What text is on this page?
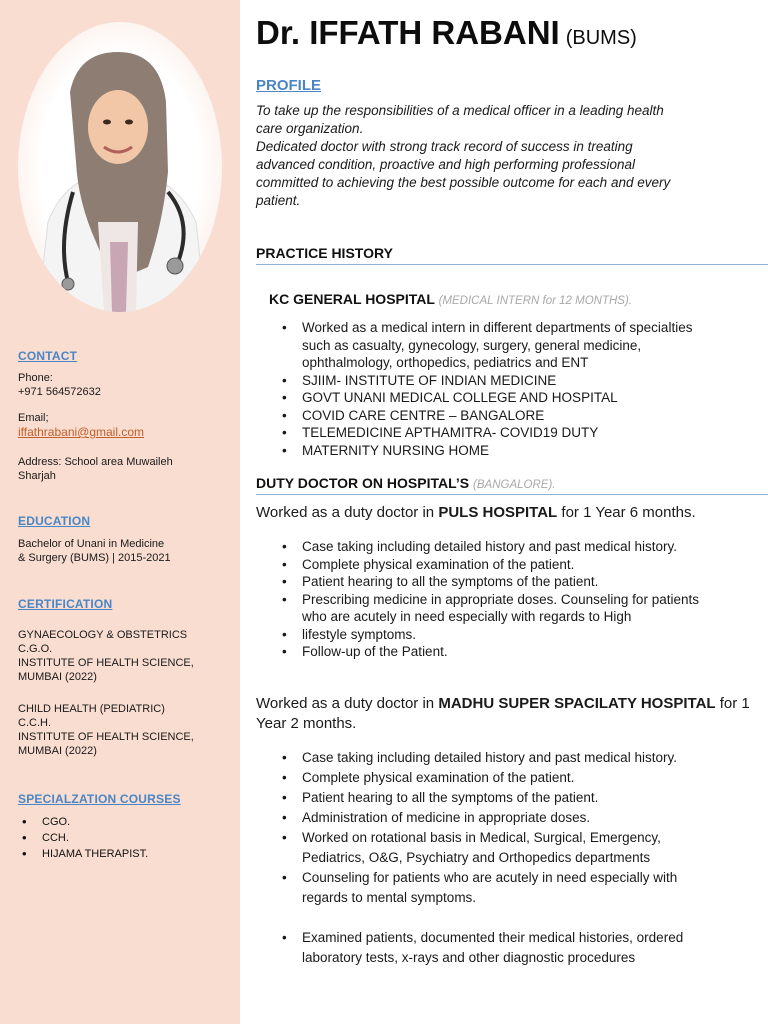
CONTACT
Phone:
+971 564572632
Email;
iffathrabani@gmail.com
Address: School area Muwaileh
Sharjah
EDUCATION
Bachelor of Unani in Medicine
& Surgery (BUMS) | 2015-2021
CERTIFICATION
GYNAECOLOGY & OBSTETRICS
C.G.O.
INSTITUTE OF HEALTH SCIENCE,
MUMBAI (2022)
CHILD HEALTH (PEDIATRIC)
C.C.H.
INSTITUTE OF HEALTH SCIENCE,
MUMBAI (2022)
SPECIALZATION COURSES
• CGO.
• CCH.
• HIJAMA THERAPIST.
Dr. IFFATH RABANI (BUMS)
PROFILE
To take up the responsibilities of a medical officer in a leading health
care organization.
Dedicated doctor with strong track record of success in treating
advanced condition, proactive and high performing professional
committed to achieving the best possible outcome for each and every
patient.
PRACTICE HISTORY
KC GENERAL HOSPITAL (MEDICAL INTERN for 12 MONTHS).
• Worked as a medical intern in different departments of specialties
such as casualty, gynecology, surgery, general medicine,
ophthalmology, orthopedics, pediatrics and ENT
• SJIIM- INSTITUTE OF INDIAN MEDICINE
• GOVT UNANI MEDICAL COLLEGE AND HOSPITAL
• COVID CARE CENTRE – BANGALORE
• TELEMEDICINE APTHAMITRA- COVID19 DUTY
• MATERNITY NURSING HOME
DUTY DOCTOR ON HOSPITAL’S (BANGALORE).
Worked as a duty doctor in PULS HOSPITAL for 1 Year 6 months.
• Case taking including detailed history and past medical history.
• Complete physical examination of the patient.
• Patient hearing to all the symptoms of the patient.
• Prescribing medicine in appropriate doses. Counseling for patients
who are acutely in need especially with regards to High
• lifestyle symptoms.
• Follow-up of the Patient.
Worked as a duty doctor in MADHU SUPER SPACILATY HOSPITAL for 1
Year 2 months.
• Case taking including detailed history and past medical history.
• Complete physical examination of the patient.
• Patient hearing to all the symptoms of the patient.
• Administration of medicine in appropriate doses.
• Worked on rotational basis in Medical, Surgical, Emergency,
Pediatrics, O&G, Psychiatry and Orthopedics departments
• Counseling for patients who are acutely in need especially with
regards to mental symptoms.
• Examined patients, documented their medical histories, ordered
laboratory tests, x-rays and other diagnostic procedures
